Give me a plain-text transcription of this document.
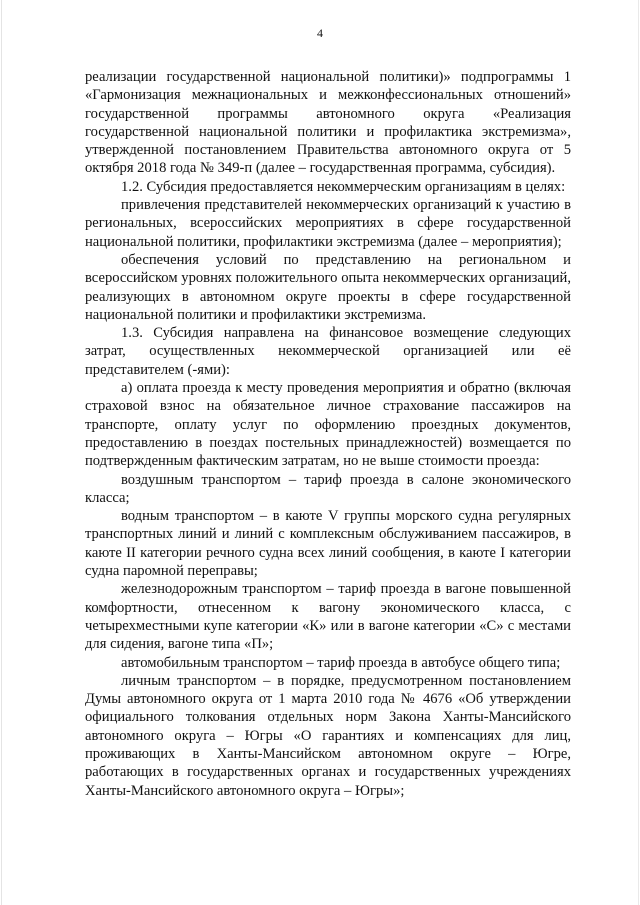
4

реализации государственной национальной политики)» подпрограммы 1 «Гармонизация межнациональных и межконфессиональных отношений» государственной программы автономного округа «Реализация государственной национальной политики и профилактика экстремизма», утвержденной постановлением Правительства автономного округа от 5 октября 2018 года № 349-п (далее – государственная программа, субсидия).

1.2. Субсидия предоставляется некоммерческим организациям в целях:

привлечения представителей некоммерческих организаций к участию в региональных, всероссийских мероприятиях в сфере государственной национальной политики, профилактики экстремизма (далее – мероприятия);

обеспечения условий по представлению на региональном и всероссийском уровнях положительного опыта некоммерческих организаций, реализующих в автономном округе проекты в сфере государственной национальной политики и профилактики экстремизма.

1.3. Субсидия направлена на финансовое возмещение следующих затрат, осуществленных некоммерческой организацией или её представителем (-ями):

а) оплата проезда к месту проведения мероприятия и обратно (включая страховой взнос на обязательное личное страхование пассажиров на транспорте, оплату услуг по оформлению проездных документов, предоставлению в поездах постельных принадлежностей) возмещается по подтвержденным фактическим затратам, но не выше стоимости проезда:

воздушным транспортом – тариф проезда в салоне экономического класса;

водным транспортом – в каюте V группы морского судна регулярных транспортных линий и линий с комплексным обслуживанием пассажиров, в каюте II категории речного судна всех линий сообщения, в каюте I категории судна паромной переправы;

железнодорожным транспортом – тариф проезда в вагоне повышенной комфортности, отнесенном к вагону экономического класса, с четырехместными купе категории «К» или в вагоне категории «С» с местами для сидения, вагоне типа «П»;

автомобильным транспортом – тариф проезда в автобусе общего типа;

личным транспортом – в порядке, предусмотренном постановлением Думы автономного округа от 1 марта 2010 года № 4676 «Об утверждении официального толкования отдельных норм Закона Ханты-Мансийского автономного округа – Югры «О гарантиях и компенсациях для лиц, проживающих в Ханты-Мансийском автономном округе – Югре, работающих в государственных органах и государственных учреждениях Ханты-Мансийского автономного округа – Югры»;
